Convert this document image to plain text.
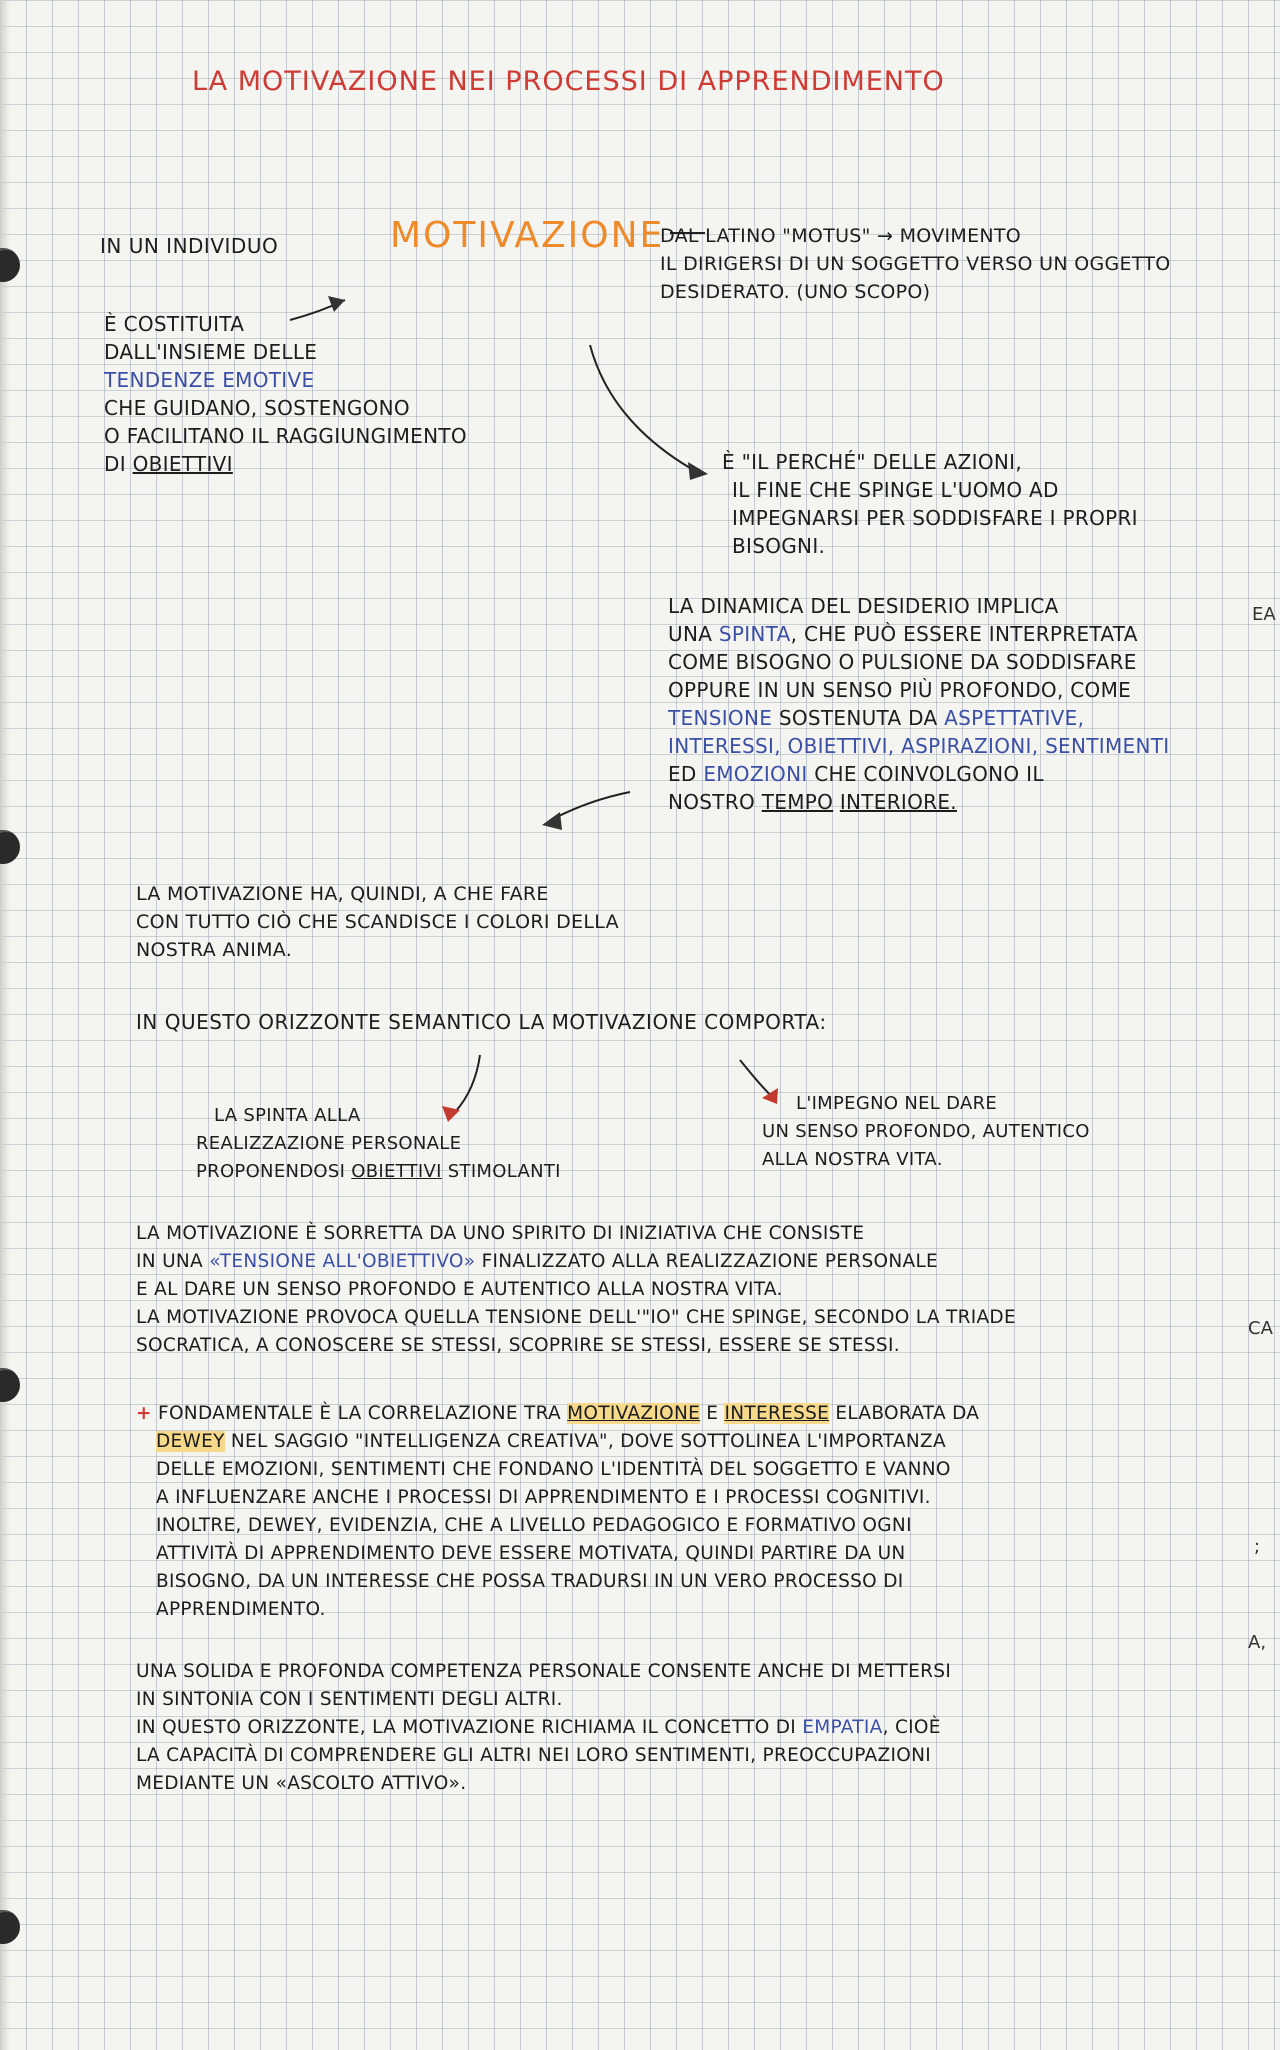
LA MOTIVAZIONE NEI PROCESSI DI APPRENDIMENTO
IN UN INDIVIDUO	MOTIVAZIONE
DAL LATINO "MOTUS" → MOVIMENTO
IL DIRIGERSI DI UN SOGGETTO VERSO UN OGGETTO
DESIDERATO. (UNO SCOPO)
È COSTITUITA
DALL'INSIEME DELLE
TENDENZE EMOTIVE
CHE GUIDANO, SOSTENGONO
O FACILITANO IL RAGGIUNGIMENTO
DI OBIETTIVI	È "IL PERCHÉ" DELLE AZIONI,
IL FINE CHE SPINGE L'UOMO AD
IMPEGNARSI PER SODDISFARE I PROPRI
BISOGNI.
LA DINAMICA DEL DESIDERIO IMPLICA
UNA SPINTA, CHE PUÒ ESSERE INTERPRETATA
COME BISOGNO O PULSIONE DA SODDISFARE
OPPURE IN UN SENSO PIÙ PROFONDO, COME
TENSIONE SOSTENUTA DA ASPETTATIVE,
INTERESSI, OBIETTIVI, ASPIRAZIONI, SENTIMENTI
ED EMOZIONI CHE COINVOLGONO IL
NOSTRO TEMPO INTERIORE.
LA MOTIVAZIONE HA, QUINDI, A CHE FARE
CON TUTTO CIÒ CHE SCANDISCE I COLORI DELLA
NOSTRA ANIMA.
IN QUESTO ORIZZONTE SEMANTICO LA MOTIVAZIONE COMPORTA:
LA SPINTA ALLA
REALIZZAZIONE PERSONALE
PROPONENDOSI OBIETTIVI STIMOLANTI
L'IMPEGNO NEL DARE
UN SENSO PROFONDO, AUTENTICO
ALLA NOSTRA VITA.
LA MOTIVAZIONE È SORRETTA DA UNO SPIRITO DI INIZIATIVA CHE CONSISTE
IN UNA «TENSIONE ALL'OBIETTIVO» FINALIZZATO ALLA REALIZZAZIONE PERSONALE
E AL DARE UN SENSO PROFONDO E AUTENTICO ALLA NOSTRA VITA.
LA MOTIVAZIONE PROVOCA QUELLA TENSIONE DELL'"IO" CHE SPINGE, SECONDO LA TRIADE
SOCRATICA, A CONOSCERE SE STESSI, SCOPRIRE SE STESSI, ESSERE SE STESSI.
+ FONDAMENTALE È LA CORRELAZIONE TRA MOTIVAZIONE E INTERESSE ELABORATA DA
DEWEY NEL SAGGIO "INTELLIGENZA CREATIVA", DOVE SOTTOLINEA L'IMPORTANZA
DELLE EMOZIONI, SENTIMENTI CHE FONDANO L'IDENTITÀ DEL SOGGETTO E VANNO
A INFLUENZARE ANCHE I PROCESSI DI APPRENDIMENTO E I PROCESSI COGNITIVI.
INOLTRE, DEWEY, EVIDENZIA, CHE A LIVELLO PEDAGOGICO E FORMATIVO OGNI
ATTIVITÀ DI APPRENDIMENTO DEVE ESSERE MOTIVATA, QUINDI PARTIRE DA UN
BISOGNO, DA UN INTERESSE CHE POSSA TRADURSI IN UN VERO PROCESSO DI
APPRENDIMENTO.
UNA SOLIDA E PROFONDA COMPETENZA PERSONALE CONSENTE ANCHE DI METTERSI
IN SINTONIA CON I SENTIMENTI DEGLI ALTRI.
IN QUESTO ORIZZONTE, LA MOTIVAZIONE RICHIAMA IL CONCETTO DI EMPATIA, CIOÈ
LA CAPACITÀ DI COMPRENDERE GLI ALTRI NEI LORO SENTIMENTI, PREOCCUPAZIONI
MEDIANTE UN «ASCOLTO ATTIVO».
EA
CA
;
A,
